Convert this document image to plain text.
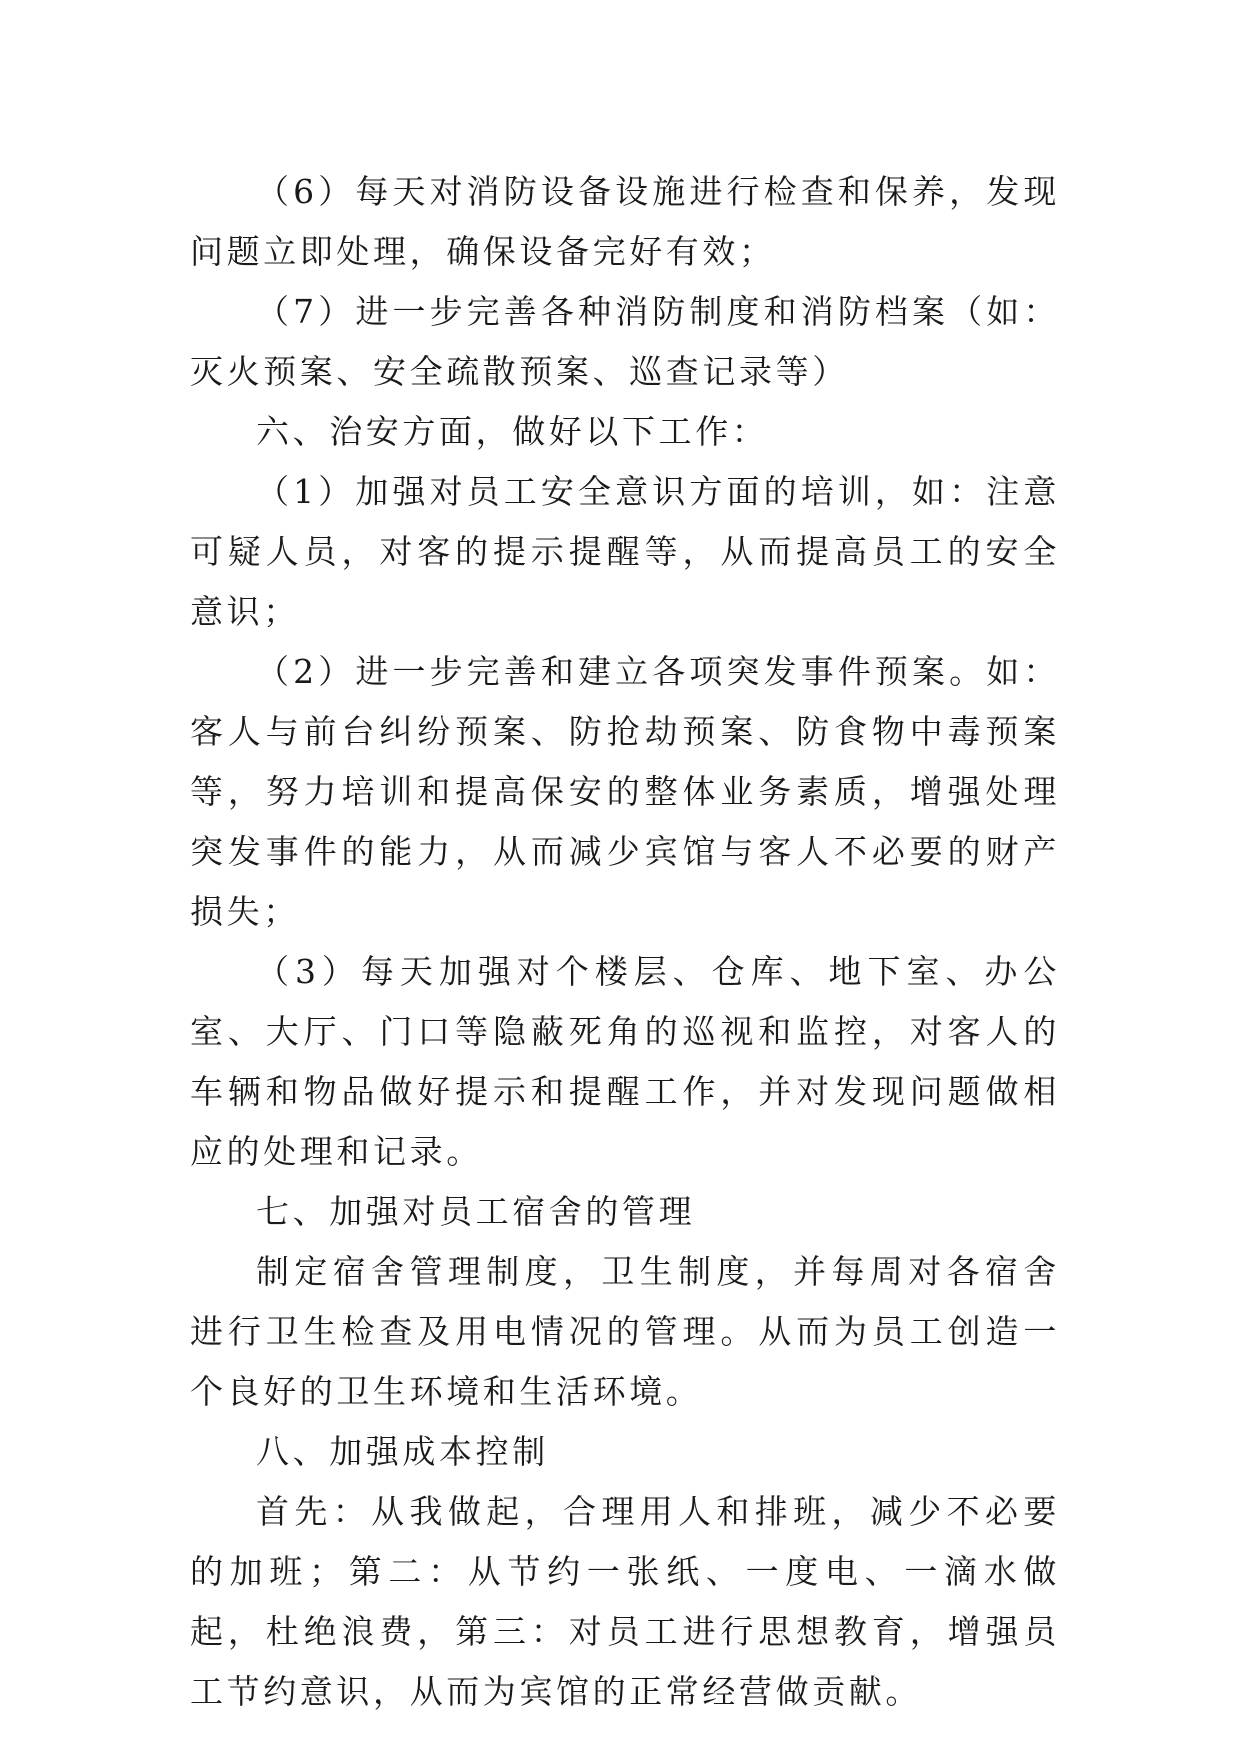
（6）每天对消防设备设施进行检查和保养，发现问题立即处理，确保设备完好有效；

（7）进一步完善各种消防制度和消防档案（如：灭火预案、安全疏散预案、巡查记录等）

六、治安方面，做好以下工作：

（1）加强对员工安全意识方面的培训，如：注意可疑人员，对客的提示提醒等，从而提高员工的安全意识；

（2）进一步完善和建立各项突发事件预案。如：客人与前台纠纷预案、防抢劫预案、防食物中毒预案等，努力培训和提高保安的整体业务素质，增强处理突发事件的能力，从而减少宾馆与客人不必要的财产损失；

（3）每天加强对个楼层、仓库、地下室、办公室、大厅、门口等隐蔽死角的巡视和监控，对客人的车辆和物品做好提示和提醒工作，并对发现问题做相应的处理和记录。

七、加强对员工宿舍的管理

制定宿舍管理制度，卫生制度，并每周对各宿舍进行卫生检查及用电情况的管理。从而为员工创造一个良好的卫生环境和生活环境。

八、加强成本控制

首先：从我做起，合理用人和排班，减少不必要的加班；第二：从节约一张纸、一度电、一滴水做起，杜绝浪费，第三：对员工进行思想教育，增强员工节约意识，从而为宾馆的正常经营做贡献。
